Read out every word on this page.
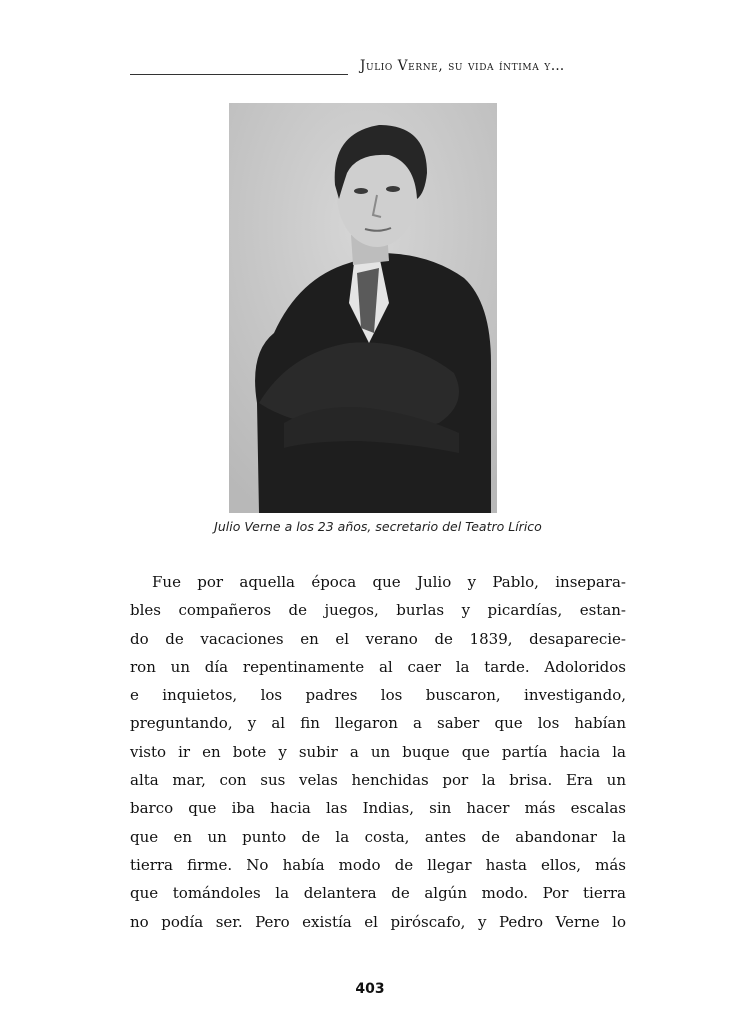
Julio Verne, su vida íntima y…
Julio Verne a los 23 años, secretario del Teatro Lírico
Fue por aquella época que Julio y Pablo, insepara-
bles compañeros de juegos, burlas y picardías, estan-
do de vacaciones en el verano de 1839, desaparecie-
ron un día repentinamente al caer la tarde. Adoloridos
e inquietos, los padres los buscaron, investigando,
preguntando, y al fin llegaron a saber que los habían
visto ir en bote y subir a un buque que partía hacia la
alta mar, con sus velas henchidas por la brisa. Era un
barco que iba hacia las Indias, sin hacer más escalas
que en un punto de la costa, antes de abandonar la
tierra firme. No había modo de llegar hasta ellos, más
que tomándoles la delantera de algún modo. Por tierra
no podía ser. Pero existía el piróscafo, y Pedro Verne lo
403
